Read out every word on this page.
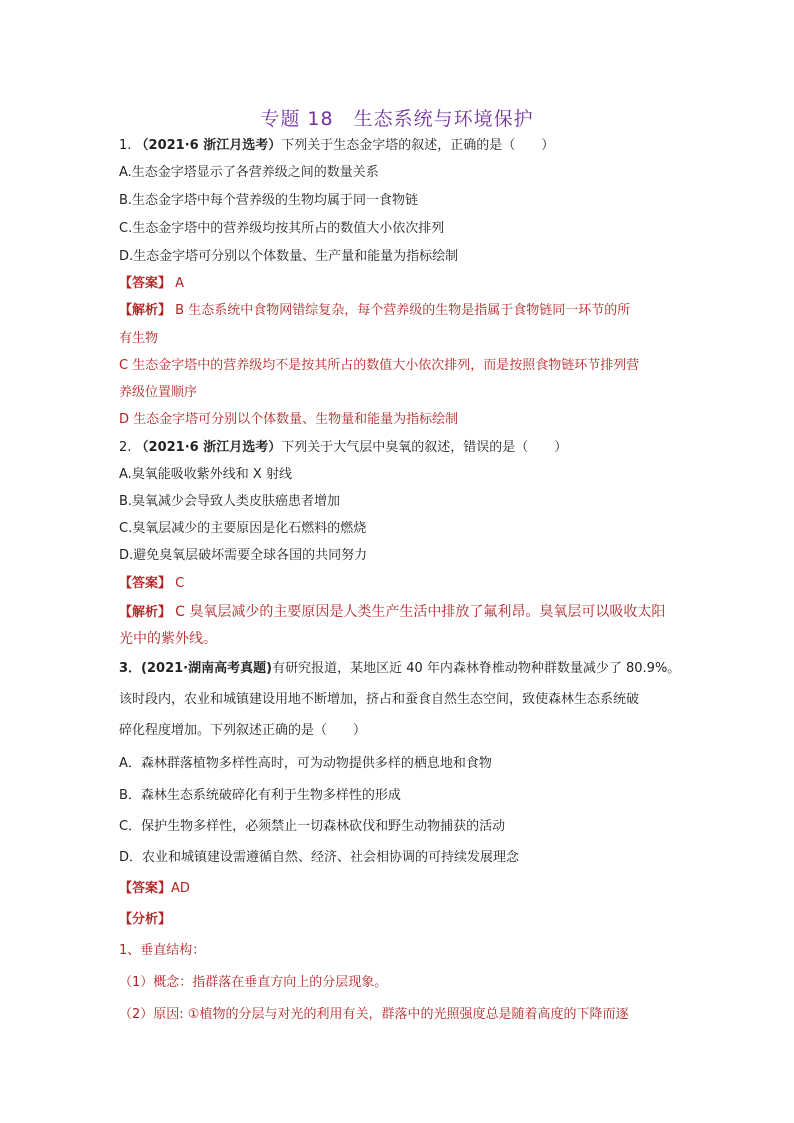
专题 18　生态系统与环境保护
1. （2021·6 浙江月选考）下列关于生态金字塔的叙述，正确的是（　　）
A.生态金字塔显示了各营养级之间的数量关系
B.生态金字塔中每个营养级的生物均属于同一食物链
C.生态金字塔中的营养级均按其所占的数值大小依次排列
D.生态金字塔可分别以个体数量、生产量和能量为指标绘制
【答案】 A
【解析】 B 生态系统中食物网错综复杂，每个营养级的生物是指属于食物链同一环节的所
有生物
C 生态金字塔中的营养级均不是按其所占的数值大小依次排列，而是按照食物链环节排列营
养级位置顺序
D 生态金字塔可分别以个体数量、生物量和能量为指标绘制
2. （2021·6 浙江月选考）下列关于大气层中臭氧的叙述，错误的是（　　）
A.臭氧能吸收紫外线和 X 射线
B.臭氧减少会导致人类皮肤癌患者增加
C.臭氧层减少的主要原因是化石燃料的燃烧
D.避免臭氧层破坏需要全球各国的共同努力
【答案】 C
【解析】 C 臭氧层减少的主要原因是人类生产生活中排放了氟利昂。臭氧层可以吸收太阳
光中的紫外线。
3．(2021·湖南高考真题)有研究报道，某地区近 40 年内森林脊椎动物种群数量减少了 80.9%。
该时段内，农业和城镇建设用地不断增加，挤占和蚕食自然生态空间，致使森林生态系统破
碎化程度增加。下列叙述正确的是（　　）
A．森林群落植物多样性高时，可为动物提供多样的栖息地和食物
B．森林生态系统破碎化有利于生物多样性的形成
C．保护生物多样性，必须禁止一切森林砍伐和野生动物捕获的活动
D．农业和城镇建设需遵循自然、经济、社会相协调的可持续发展理念
【答案】AD
【分析】
1、垂直结构：
（1）概念：指群落在垂直方向上的分层现象。
（2）原因: ①植物的分层与对光的利用有关，群落中的光照强度总是随着高度的下降而逐
